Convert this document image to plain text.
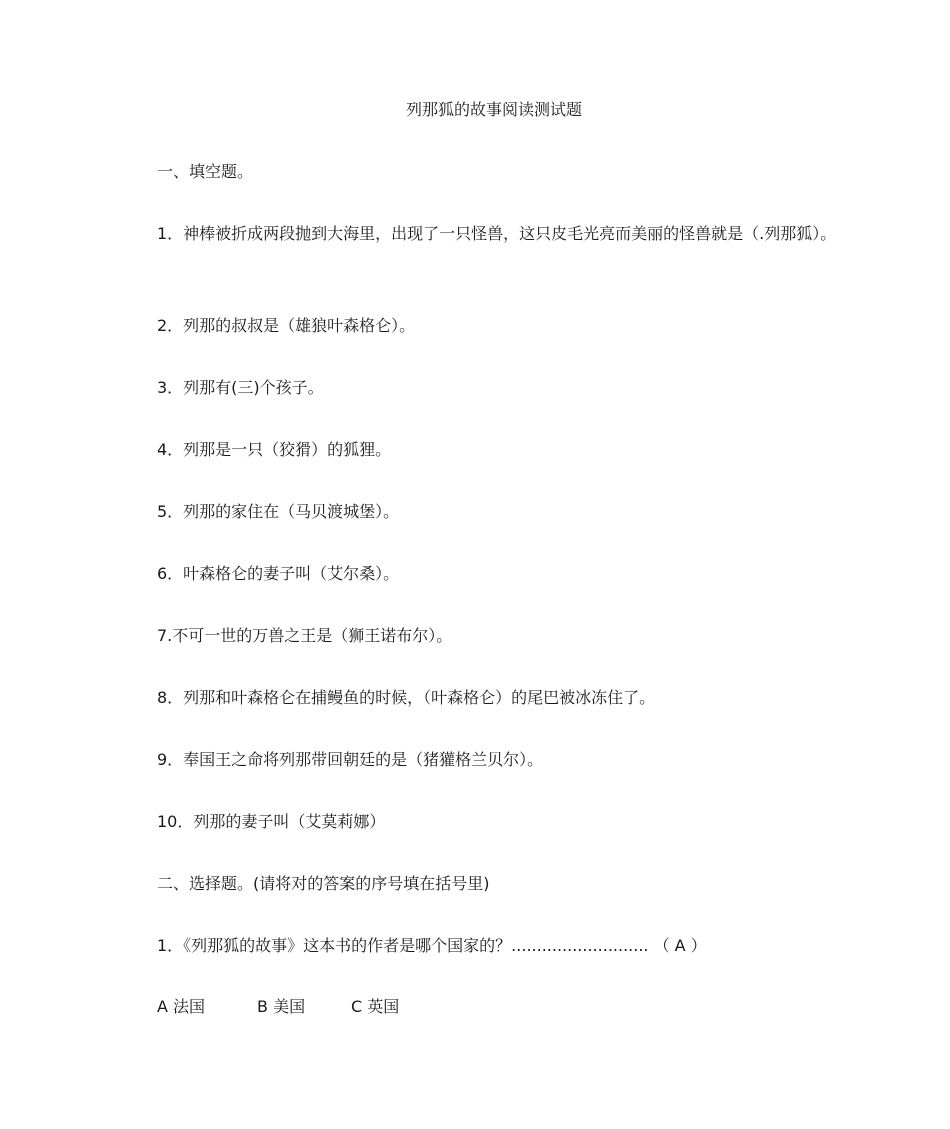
列那狐的故事阅读测试题
一、填空题。
1．神棒被折成两段抛到大海里，出现了一只怪兽，这只皮毛光亮而美丽的怪兽就是（.列那狐）。
2．列那的叔叔是（雄狼叶森格仑）。
3．列那有(三)个孩子。
4．列那是一只（狡猾）的狐狸。
5．列那的家住在（马贝渡城堡）。
6．叶森格仑的妻子叫（艾尔桑）。
7.不可一世的万兽之王是（狮王诺布尔）。
8．列那和叶森格仑在捕鳗鱼的时候，（叶森格仑）的尾巴被冰冻住了。
9．奉国王之命将列那带回朝廷的是（猪獾格兰贝尔）。
10．列那的妻子叫（艾莫莉娜）
二、选择题。(请将对的答案的序号填在括号里)
1．《列那狐的故事》这本书的作者是哪个国家的？........................... （ A ）
A 法国	B 美国	C 英国
